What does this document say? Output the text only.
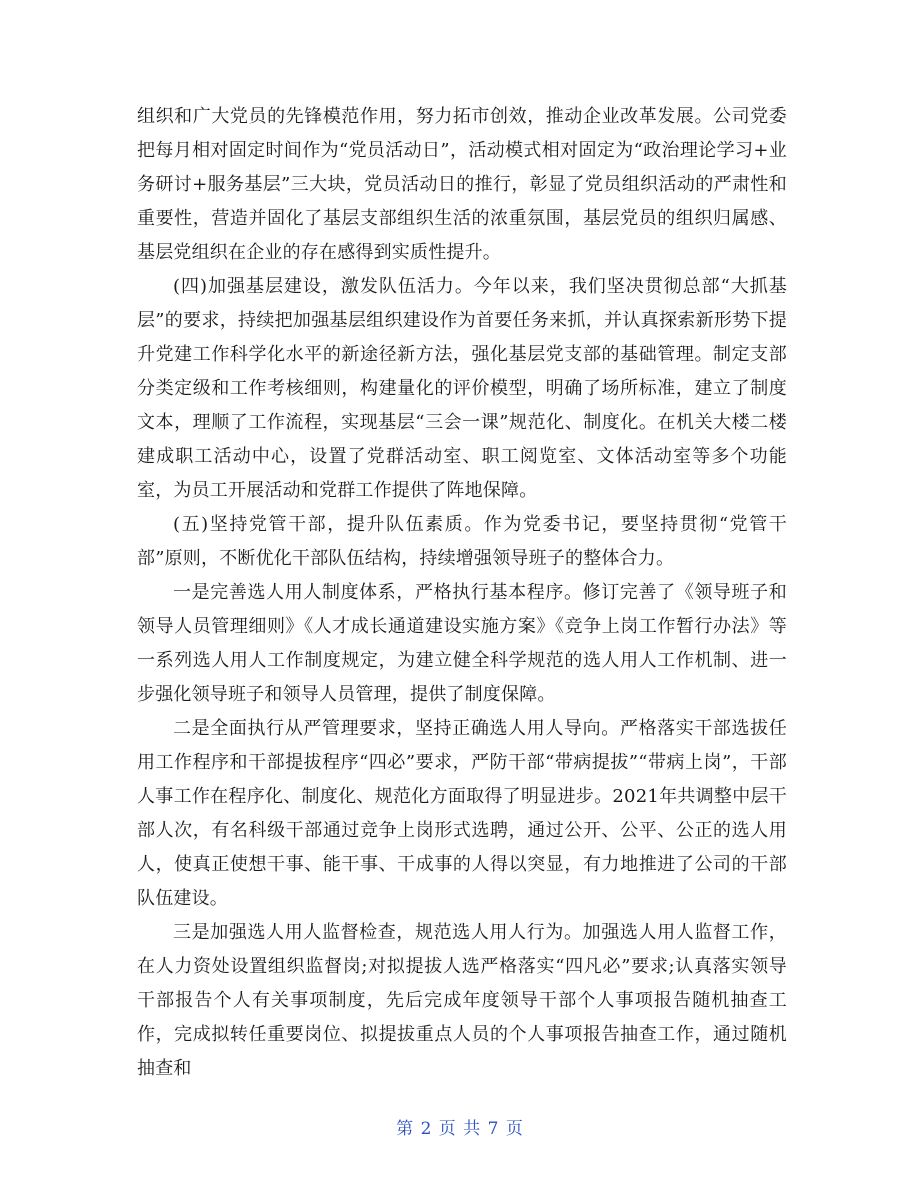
组织和广大党员的先锋模范作用，努力拓市创效，推动企业改革发展。公司党委把每月相对固定时间作为“党员活动日”，活动模式相对固定为“政治理论学习+业务研讨+服务基层”三大块，党员活动日的推行，彰显了党员组织活动的严肃性和重要性，营造并固化了基层支部组织生活的浓重氛围，基层党员的组织归属感、基层党组织在企业的存在感得到实质性提升。

(四)加强基层建设，激发队伍活力。今年以来，我们坚决贯彻总部“大抓基层”的要求，持续把加强基层组织建设作为首要任务来抓，并认真探索新形势下提升党建工作科学化水平的新途径新方法，强化基层党支部的基础管理。制定支部分类定级和工作考核细则，构建量化的评价模型，明确了场所标准，建立了制度文本，理顺了工作流程，实现基层“三会一课”规范化、制度化。在机关大楼二楼建成职工活动中心，设置了党群活动室、职工阅览室、文体活动室等多个功能室，为员工开展活动和党群工作提供了阵地保障。

(五)坚持党管干部，提升队伍素质。作为党委书记，要坚持贯彻“党管干部”原则，不断优化干部队伍结构，持续增强领导班子的整体合力。

一是完善选人用人制度体系，严格执行基本程序。修订完善了《领导班子和领导人员管理细则》《人才成长通道建设实施方案》《竞争上岗工作暂行办法》等一系列选人用人工作制度规定，为建立健全科学规范的选人用人工作机制、进一步强化领导班子和领导人员管理，提供了制度保障。

二是全面执行从严管理要求，坚持正确选人用人导向。严格落实干部选拔任用工作程序和干部提拔程序“四必”要求，严防干部“带病提拔”“带病上岗”，干部人事工作在程序化、制度化、规范化方面取得了明显进步。2021年共调整中层干部人次，有名科级干部通过竞争上岗形式选聘，通过公开、公平、公正的选人用人，使真正使想干事、能干事、干成事的人得以突显，有力地推进了公司的干部队伍建设。

三是加强选人用人监督检查，规范选人用人行为。加强选人用人监督工作，在人力资处设置组织监督岗;对拟提拔人选严格落实“四凡必”要求;认真落实领导干部报告个人有关事项制度，先后完成年度领导干部个人事项报告随机抽查工作，完成拟转任重要岗位、拟提拔重点人员的个人事项报告抽查工作，通过随机抽查和

第 2 页 共 7 页
